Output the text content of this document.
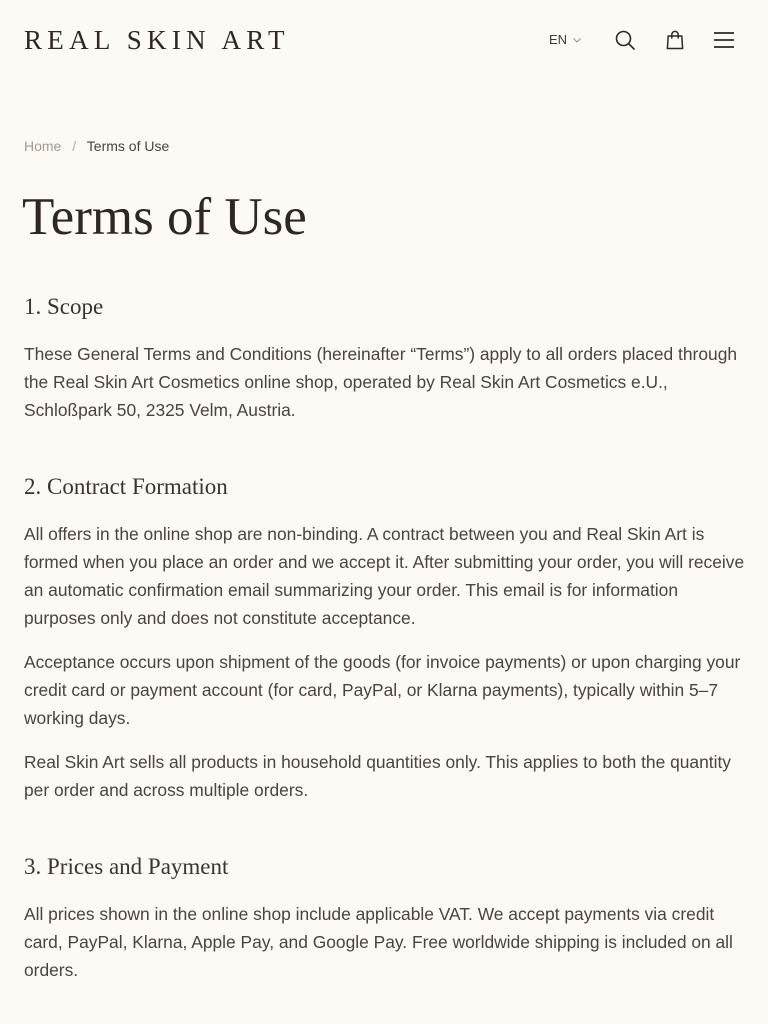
REAL SKIN ART	EN
Home / Terms of Use
Terms of Use
1. Scope

These General Terms and Conditions (hereinafter “Terms”) apply to all orders placed through the Real Skin Art Cosmetics online shop, operated by Real Skin Art Cosmetics e.U., Schloßpark 50, 2325 Velm, Austria.

2. Contract Formation

All offers in the online shop are non-binding. A contract between you and Real Skin Art is formed when you place an order and we accept it. After submitting your order, you will receive an automatic confirmation email summarizing your order. This email is for information purposes only and does not constitute acceptance.

Acceptance occurs upon shipment of the goods (for invoice payments) or upon charging your credit card or payment account (for card, PayPal, or Klarna payments), typically within 5–7 working days.

Real Skin Art sells all products in household quantities only. This applies to both the quantity per order and across multiple orders.

3. Prices and Payment

All prices shown in the online shop include applicable VAT. We accept payments via credit card, PayPal, Klarna, Apple Pay, and Google Pay. Free worldwide shipping is included on all orders.
